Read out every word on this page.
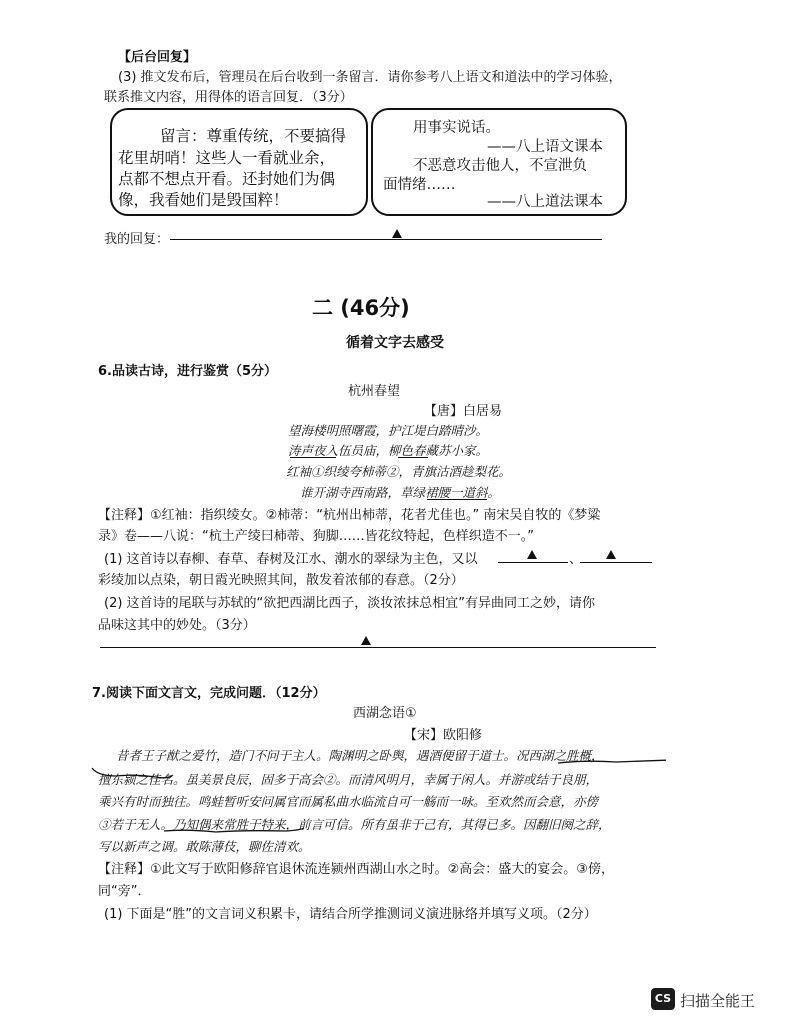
【后台回复】
(3) 推文发布后，管理员在后台收到一条留言．请你参考八上语文和道法中的学习体验，
联系推文内容，用得体的语言回复．（3分）
留言：尊重传统，不要搞得
花里胡哨！这些人一看就业余，
点都不想点开看。还封她们为偶
像，我看她们是毁国粹！
用事实说话。
——八上语文课本
不恶意攻击他人，不宣泄负
面情绪……
——八上道法课本
我的回复：
二 (46分)
循着文字去感受
6.品读古诗，进行鉴赏（5分）
杭州春望
【唐】白居易
望海楼明照曙霞，护江堤白踏晴沙。
涛声夜入伍员庙，柳色春藏苏小家。
红袖①织绫夸柿蒂②，青旗沽酒趁梨花。
谁开湖寺西南路，草绿裙腰一道斜。
【注释】①红袖：指织绫女。②柿蒂：“杭州出柿蒂，花者尤佳也。” 南宋吴自牧的《梦粱
录》卷——八说：“杭土产绫曰柿蒂、狗脚……皆花纹特起，色样织造不一。”
(1) 这首诗以春柳、春草、春树及江水、潮水的翠绿为主色，又以	、
彩绫加以点染，朝日霞光映照其间，散发着浓郁的春意。（2分）
(2) 这首诗的尾联与苏轼的“欲把西湖比西子，淡妆浓抹总相宜”有异曲同工之妙，请你
品味这其中的妙处。（3分）
7.阅读下面文言文，完成问题．（12分）
西湖念语①
【宋】欧阳修
昔者王子猷之爱竹，造门不问于主人。陶渊明之卧舆，遇酒便留于道士。况西湖之胜概，
擅东颍之佳名。虽美景良辰，固多于高会②。而清风明月，幸属于闲人。并游或结于良朋，
乘兴有时而独往。鸣蛙暂听安问属官而属私曲水临流自可一觞而一咏。至欢然而会意，亦傍
③若于无人。乃知偶来常胜于特来，前言可信。所有虽非于己有，其得已多。因翻旧阕之辞，
写以新声之调。敢陈薄伎，聊佐清欢。
【注释】①此文写于欧阳修辞官退休流连颍州西湖山水之时。②高会：盛大的宴会。③傍，
同“旁”．
(1) 下面是“胜”的文言词义积累卡，请结合所学推测词义演进脉络并填写义项。（2分）
CS 扫描全能王
